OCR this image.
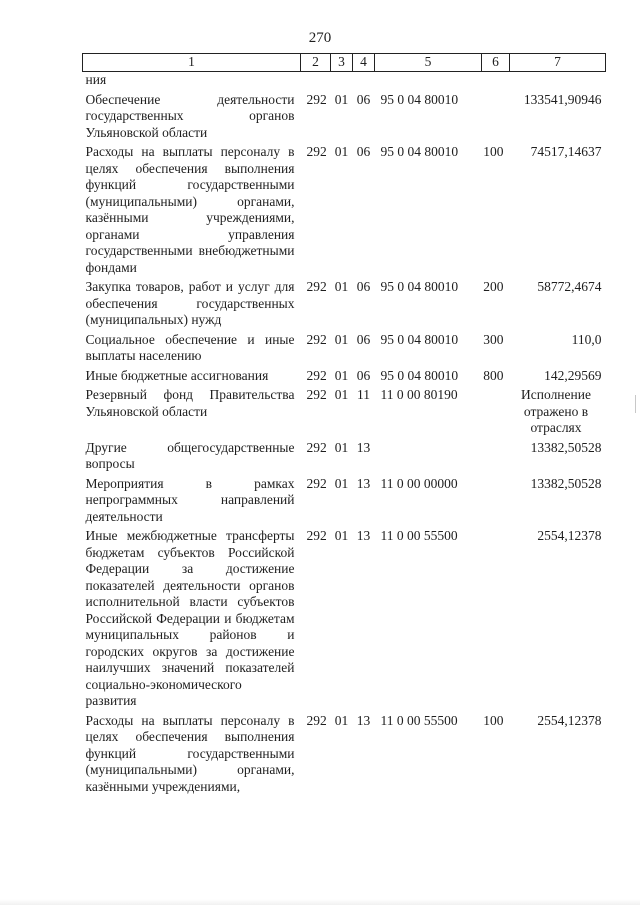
270
1	2	3	4	5	6	7
ния						
Обеспечение деятельности государственных органов Ульяновской области	292	01	06	95 0 04 80010		133541,90946
Расходы на выплаты персоналу в целях обеспечения выполнения функций государственными (муниципальными) органами, казёнными учреждениями, органами управления государственными внебюджетными фондами	292	01	06	95 0 04 80010	100	74517,14637
Закупка товаров, работ и услуг для обеспечения государственных (муниципальных) нужд	292	01	06	95 0 04 80010	200	58772,4674
Социальное обеспечение и иные выплаты населению	292	01	06	95 0 04 80010	300	110,0
Иные бюджетные ассигнования	292	01	06	95 0 04 80010	800	142,29569
Резервный фонд Правительства Ульяновской области	292	01	11	11 0 00 80190		Исполнение отражено в отраслях
Другие общегосударственные вопросы	292	01	13			13382,50528
Мероприятия в рамках непрограммных направлений деятельности	292	01	13	11 0 00 00000		13382,50528
Иные межбюджетные трансферты бюджетам субъектов Российской Федерации за достижение показателей деятельности органов исполнительной власти субъектов Российской Федерации и бюджетам муниципальных районов и городских округов за достижение наилучших значений показателей социально-экономического развития	292	01	13	11 0 00 55500		2554,12378
Расходы на выплаты персоналу в целях обеспечения выполнения функций государственными (муниципальными) органами, казёнными учреждениями,	292	01	13	11 0 00 55500	100	2554,12378
